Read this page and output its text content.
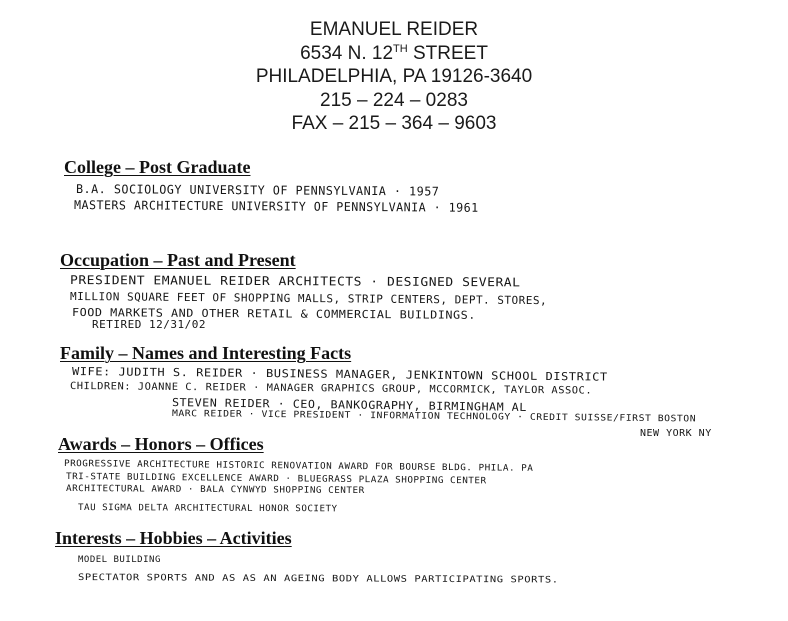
EMANUEL REIDER
6534 N. 12TH STREET
PHILADELPHIA, PA 19126-3640
215 – 224 – 0283
FAX – 215 – 364 – 9603
College – Post Graduate
B.A. SOCIOLOGY UNIVERSITY OF PENNSYLVANIA · 1957
MASTERS ARCHITECTURE UNIVERSITY OF PENNSYLVANIA · 1961
Occupation – Past and Present
PRESIDENT EMANUEL REIDER ARCHITECTS · DESIGNED SEVERAL
MILLION SQUARE FEET OF SHOPPING MALLS, STRIP CENTERS, DEPT. STORES,
FOOD MARKETS AND OTHER RETAIL & COMMERCIAL BUILDINGS.
RETIRED 12/31/02
Family – Names and Interesting Facts
WIFE: JUDITH S. REIDER · BUSINESS MANAGER, JENKINTOWN SCHOOL DISTRICT
CHILDREN: JOANNE C. REIDER · MANAGER GRAPHICS GROUP, MCCORMICK, TAYLOR ASSOC.
STEVEN REIDER · CEO, BANKOGRAPHY, BIRMINGHAM AL
MARC REIDER · VICE PRESIDENT · INFORMATION TECHNOLOGY · CREDIT SUISSE/FIRST BOSTON
NEW YORK NY
Awards – Honors – Offices
PROGRESSIVE ARCHITECTURE HISTORIC RENOVATION AWARD FOR BOURSE BLDG. PHILA. PA
TRI-STATE BUILDING EXCELLENCE AWARD · BLUEGRASS PLAZA SHOPPING CENTER
ARCHITECTURAL AWARD · BALA CYNWYD SHOPPING CENTER
TAU SIGMA DELTA ARCHITECTURAL HONOR SOCIETY
Interests – Hobbies – Activities
MODEL BUILDING
SPECTATOR SPORTS AND AS AS AN AGEING BODY ALLOWS PARTICIPATING SPORTS.
